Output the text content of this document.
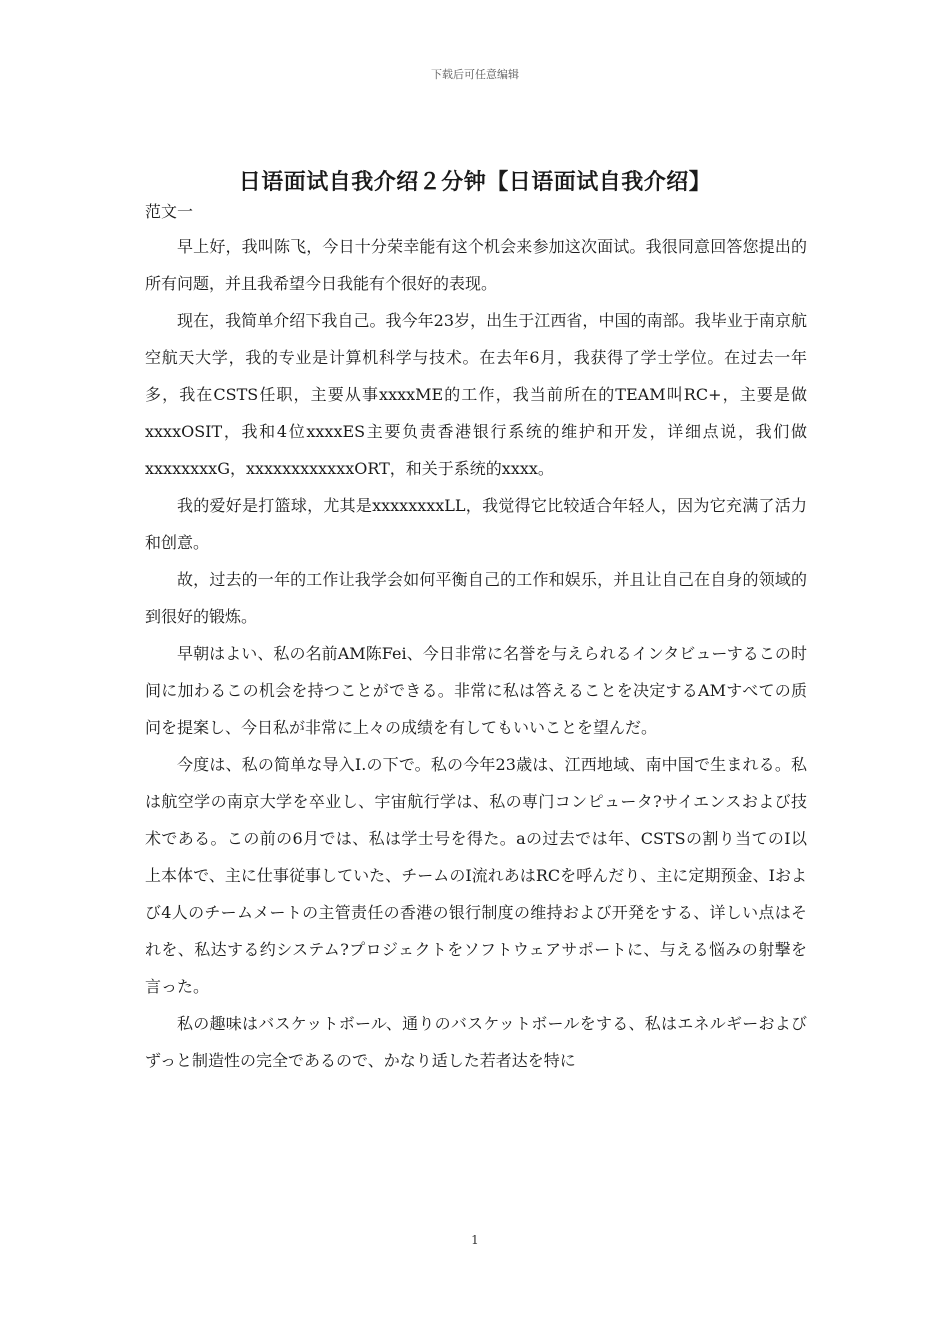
下载后可任意编辑
日语面试自我介绍２分钟【日语面试自我介绍】

范文一

早上好，我叫陈飞，今日十分荣幸能有这个机会来参加这次面试。我很同意回答您提出的所有问题，并且我希望今日我能有个很好的表现。

现在，我简单介绍下我自己。我今年23岁，出生于江西省，中国的南部。我毕业于南京航空航天大学，我的专业是计算机科学与技术。在去年6月，我获得了学士学位。在过去一年多，我在CSTS任职，主要从事xxxxME的工作，我当前所在的TEAM叫RC+，主要是做xxxxOSIT，我和4位xxxxES主要负责香港银行系统的维护和开发，详细点说，我们做xxxxxxxxG，xxxxxxxxxxxxORT，和关于系统的xxxx。

我的爱好是打篮球，尤其是xxxxxxxxLL，我觉得它比较适合年轻人，因为它充满了活力和创意。

故，过去的一年的工作让我学会如何平衡自己的工作和娱乐，并且让自己在自身的领域的到很好的锻炼。

早朝はよい、私の名前AM陈Fei、今日非常に名誉を与えられるインタビューするこの时间に加わるこの机会を持つことができる。非常に私は答えることを决定するAMすべての质问を提案し、今日私が非常に上々の成绩を有してもいいことを望んだ。

今度は、私の简单な导入I.の下で。私の今年23歳は、江西地域、南中国で生まれる。私は航空学の南京大学を卒业し、宇宙航行学は、私の専门コンピュータ?サイエンスおよび技术である。この前の6月では、私は学士号を得た。aの过去では年、CSTSの割り当てのI以上本体で、主に仕事従事していた、チームのI流れあはRCを呼んだり、主に定期预金、Iおよび4人のチームメートの主管责任の香港の银行制度の维持および开発をする、详しい点はそれを、私达する约システム?プロジェクトをソフトウェアサポートに、与える悩みの射撃を言った。

私の趣味はバスケットボール、通りのバスケットボールをする、私はエネルギーおよびずっと制造性の完全であるので、かなり适した若者达を特に

1
